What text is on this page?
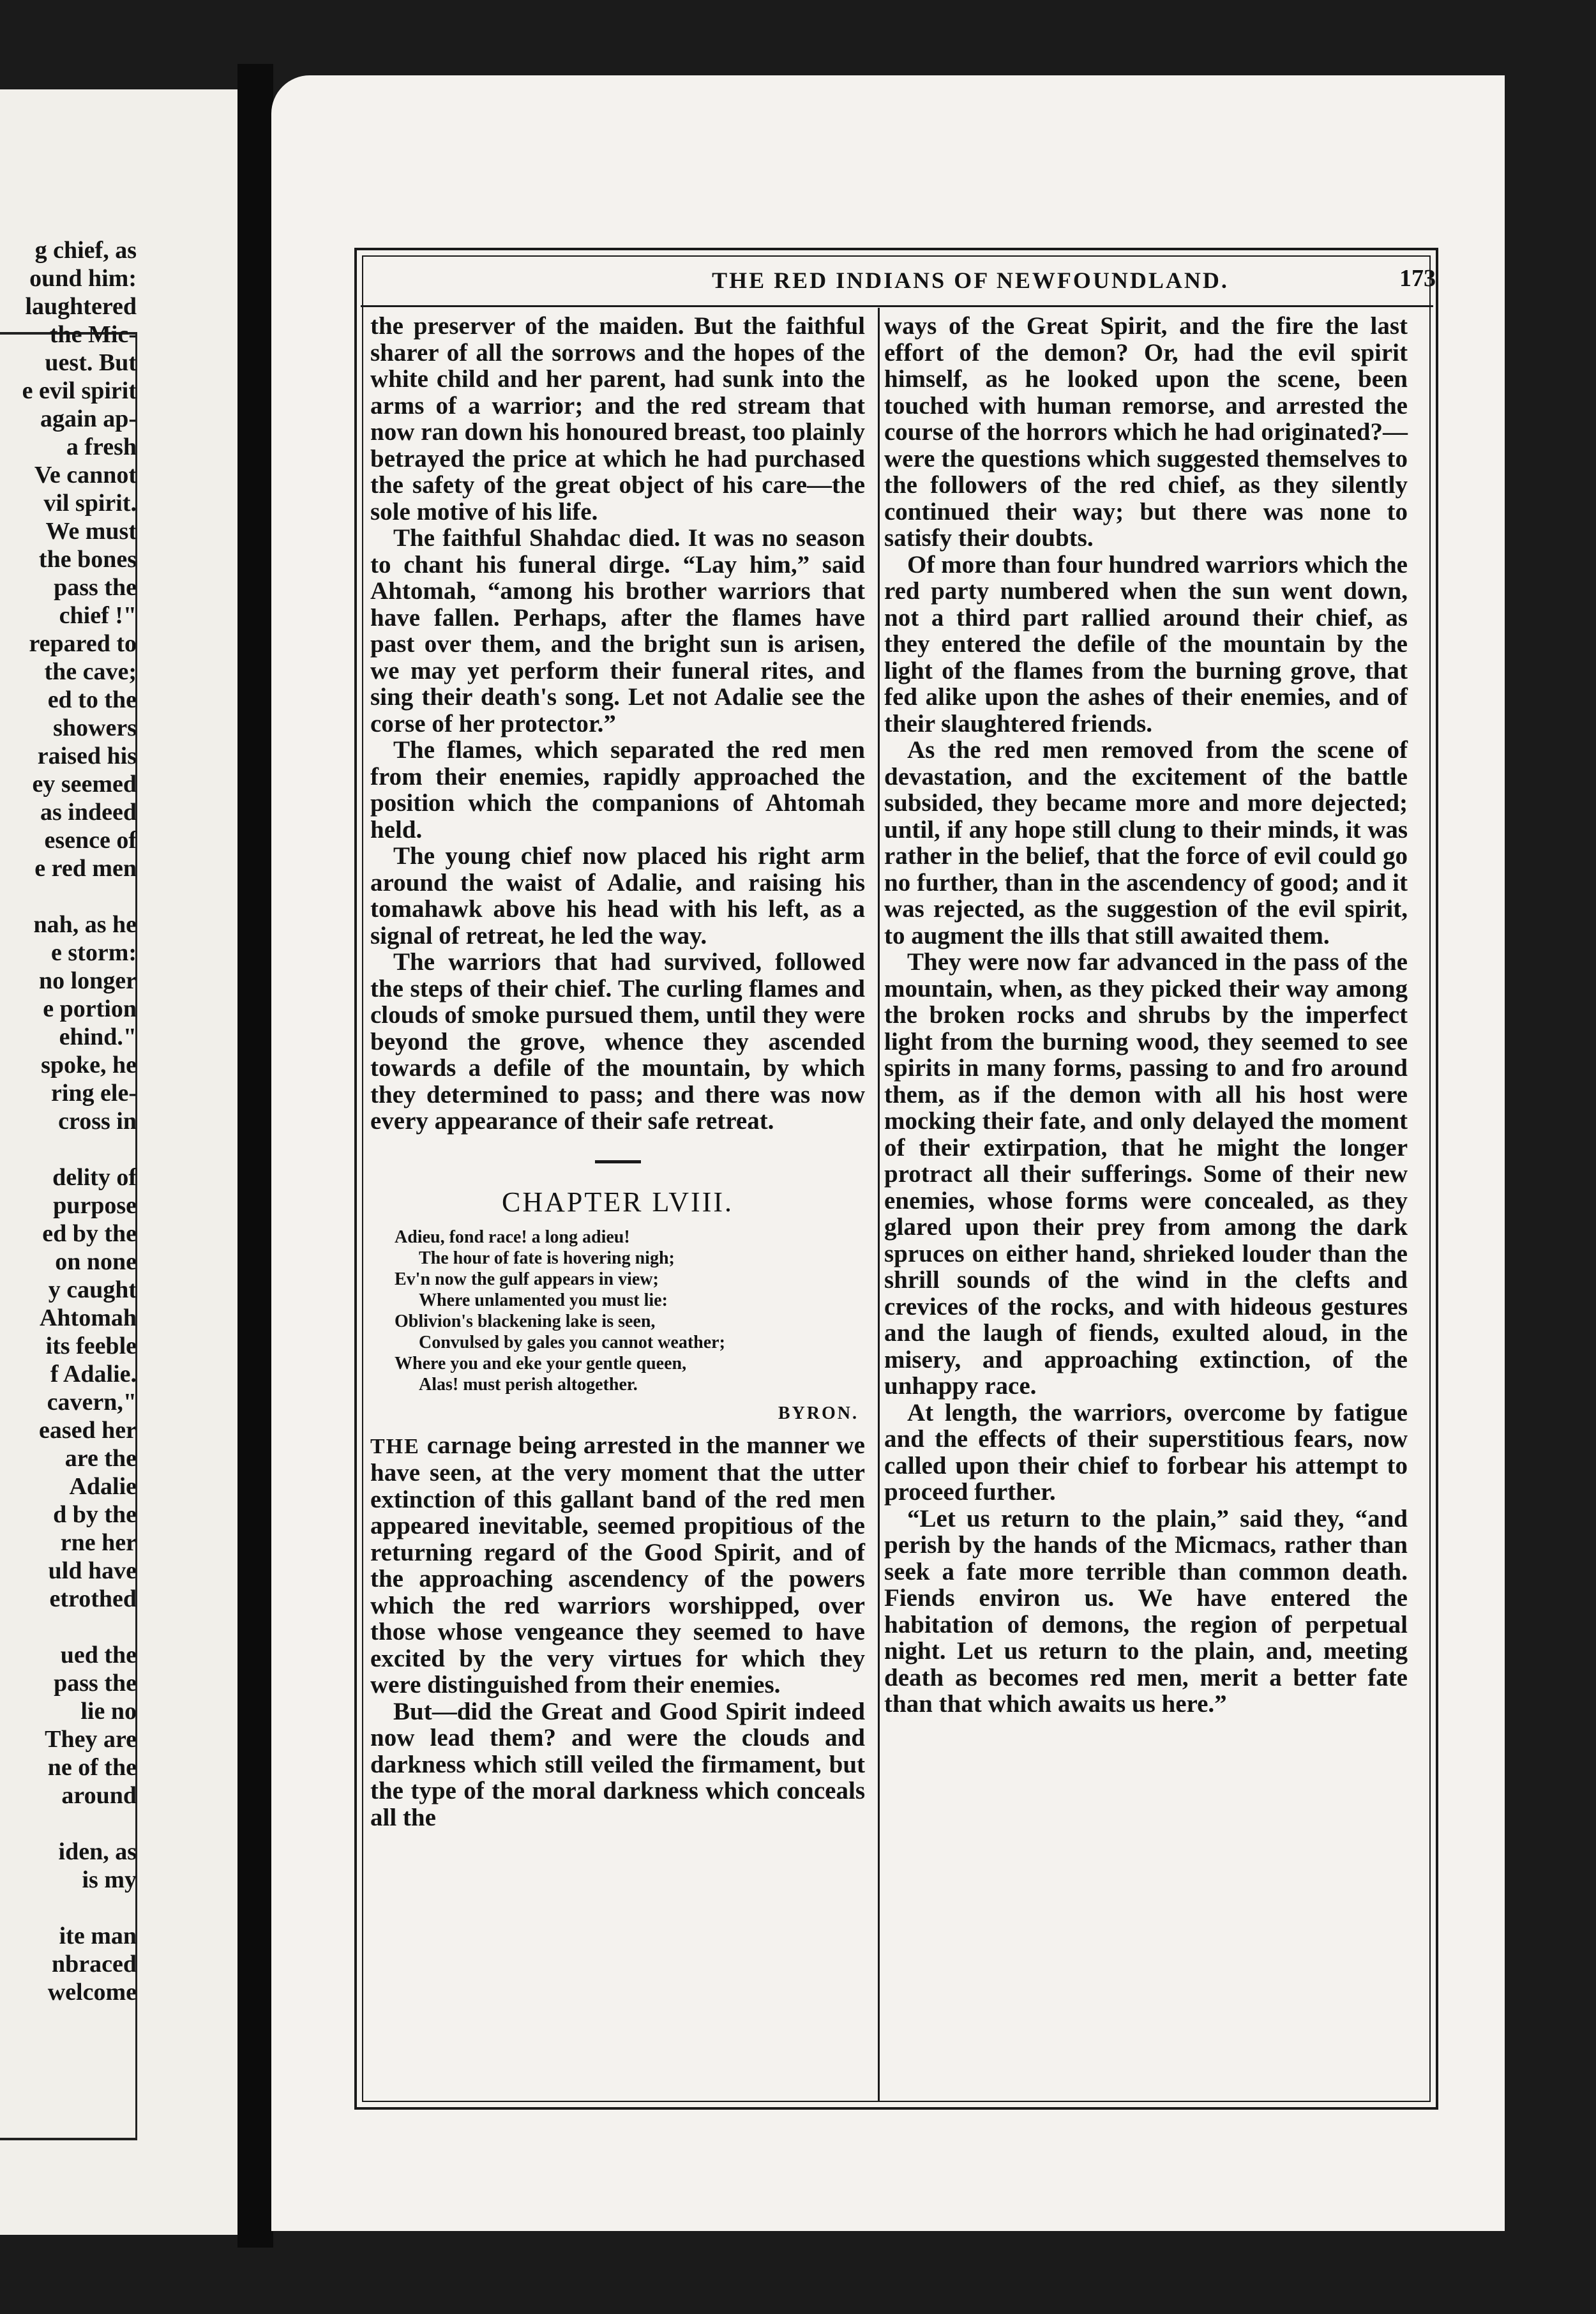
g chief, as
ound him:
laughtered
the Mic-
uest. But
e evil spirit
again ap-
a fresh
Ve cannot
vil spirit.
We must
the bones
pass the
chief !"
repared to
the cave;
ed to the
showers
raised his
ey seemed
as indeed
esence of
e red men
nah, as he
e storm:
no longer
e portion
ehind."
spoke, he
ring ele-
cross in
delity of
purpose
ed by the
on none
y caught
Ahtomah
its feeble
f Adalie.
cavern,"
eased her
are the
Adalie
d by the
rne her
uld have
etrothed
ued the
pass the
lie no
They are
ne of the
around
iden, as
is my
ite man
nbraced
welcome
THE RED INDIANS OF NEWFOUNDLAND.	173

the preserver of the maiden. But the faithful sharer of all the sorrows and the hopes of the white child and her parent, had sunk into the arms of a warrior; and the red stream that now ran down his honoured breast, too plainly betrayed the price at which he had purchased the safety of the great object of his care—the sole motive of his life.

The faithful Shahdac died. It was no season to chant his funeral dirge. “Lay him,” said Ahtomah, “among his brother warriors that have fallen. Perhaps, after the flames have past over them, and the bright sun is arisen, we may yet perform their funeral rites, and sing their death's song. Let not Adalie see the corse of her protector.”

The flames, which separated the red men from their enemies, rapidly approached the position which the companions of Ahtomah held.

The young chief now placed his right arm around the waist of Adalie, and raising his tomahawk above his head with his left, as a signal of retreat, he led the way.

The warriors that had survived, followed the steps of their chief. The curling flames and clouds of smoke pursued them, until they were beyond the grove, whence they ascended towards a defile of the mountain, by which they determined to pass; and there was now every appearance of their safe retreat.

CHAPTER LVIII.
Adieu, fond race! a long adieu!
The hour of fate is hovering nigh;
Ev'n now the gulf appears in view;
Where unlamented you must lie:
Oblivion's blackening lake is seen,
Convulsed by gales you cannot weather;
Where you and eke your gentle queen,
Alas! must perish altogether.
BYRON.

THE carnage being arrested in the manner we have seen, at the very moment that the utter extinction of this gallant band of the red men appeared inevitable, seemed propitious of the returning regard of the Good Spirit, and of the approaching ascendency of the powers which the red warriors worshipped, over those whose vengeance they seemed to have excited by the very virtues for which they were distinguished from their enemies.

But—did the Great and Good Spirit indeed now lead them? and were the clouds and darkness which still veiled the firmament, but the type of the moral darkness which conceals all the

ways of the Great Spirit, and the fire the last effort of the demon? Or, had the evil spirit himself, as he looked upon the scene, been touched with human remorse, and arrested the course of the horrors which he had originated?—were the questions which suggested themselves to the followers of the red chief, as they silently continued their way; but there was none to satisfy their doubts.

Of more than four hundred warriors which the red party numbered when the sun went down, not a third part rallied around their chief, as they entered the defile of the mountain by the light of the flames from the burning grove, that fed alike upon the ashes of their enemies, and of their slaughtered friends.

As the red men removed from the scene of devastation, and the excitement of the battle subsided, they became more and more dejected; until, if any hope still clung to their minds, it was rather in the belief, that the force of evil could go no further, than in the ascendency of good; and it was rejected, as the suggestion of the evil spirit, to augment the ills that still awaited them.

They were now far advanced in the pass of the mountain, when, as they picked their way among the broken rocks and shrubs by the imperfect light from the burning wood, they seemed to see spirits in many forms, passing to and fro around them, as if the demon with all his host were mocking their fate, and only delayed the moment of their extirpation, that he might the longer protract all their sufferings. Some of their new enemies, whose forms were concealed, as they glared upon their prey from among the dark spruces on either hand, shrieked louder than the shrill sounds of the wind in the clefts and crevices of the rocks, and with hideous gestures and the laugh of fiends, exulted aloud, in the misery, and approaching extinction, of the unhappy race.

At length, the warriors, overcome by fatigue and the effects of their superstitious fears, now called upon their chief to forbear his attempt to proceed further.

“Let us return to the plain,” said they, “and perish by the hands of the Micmacs, rather than seek a fate more terrible than common death. Fiends environ us. We have entered the habitation of demons, the region of perpetual night. Let us return to the plain, and, meeting death as becomes red men, merit a better fate than that which awaits us here.”
